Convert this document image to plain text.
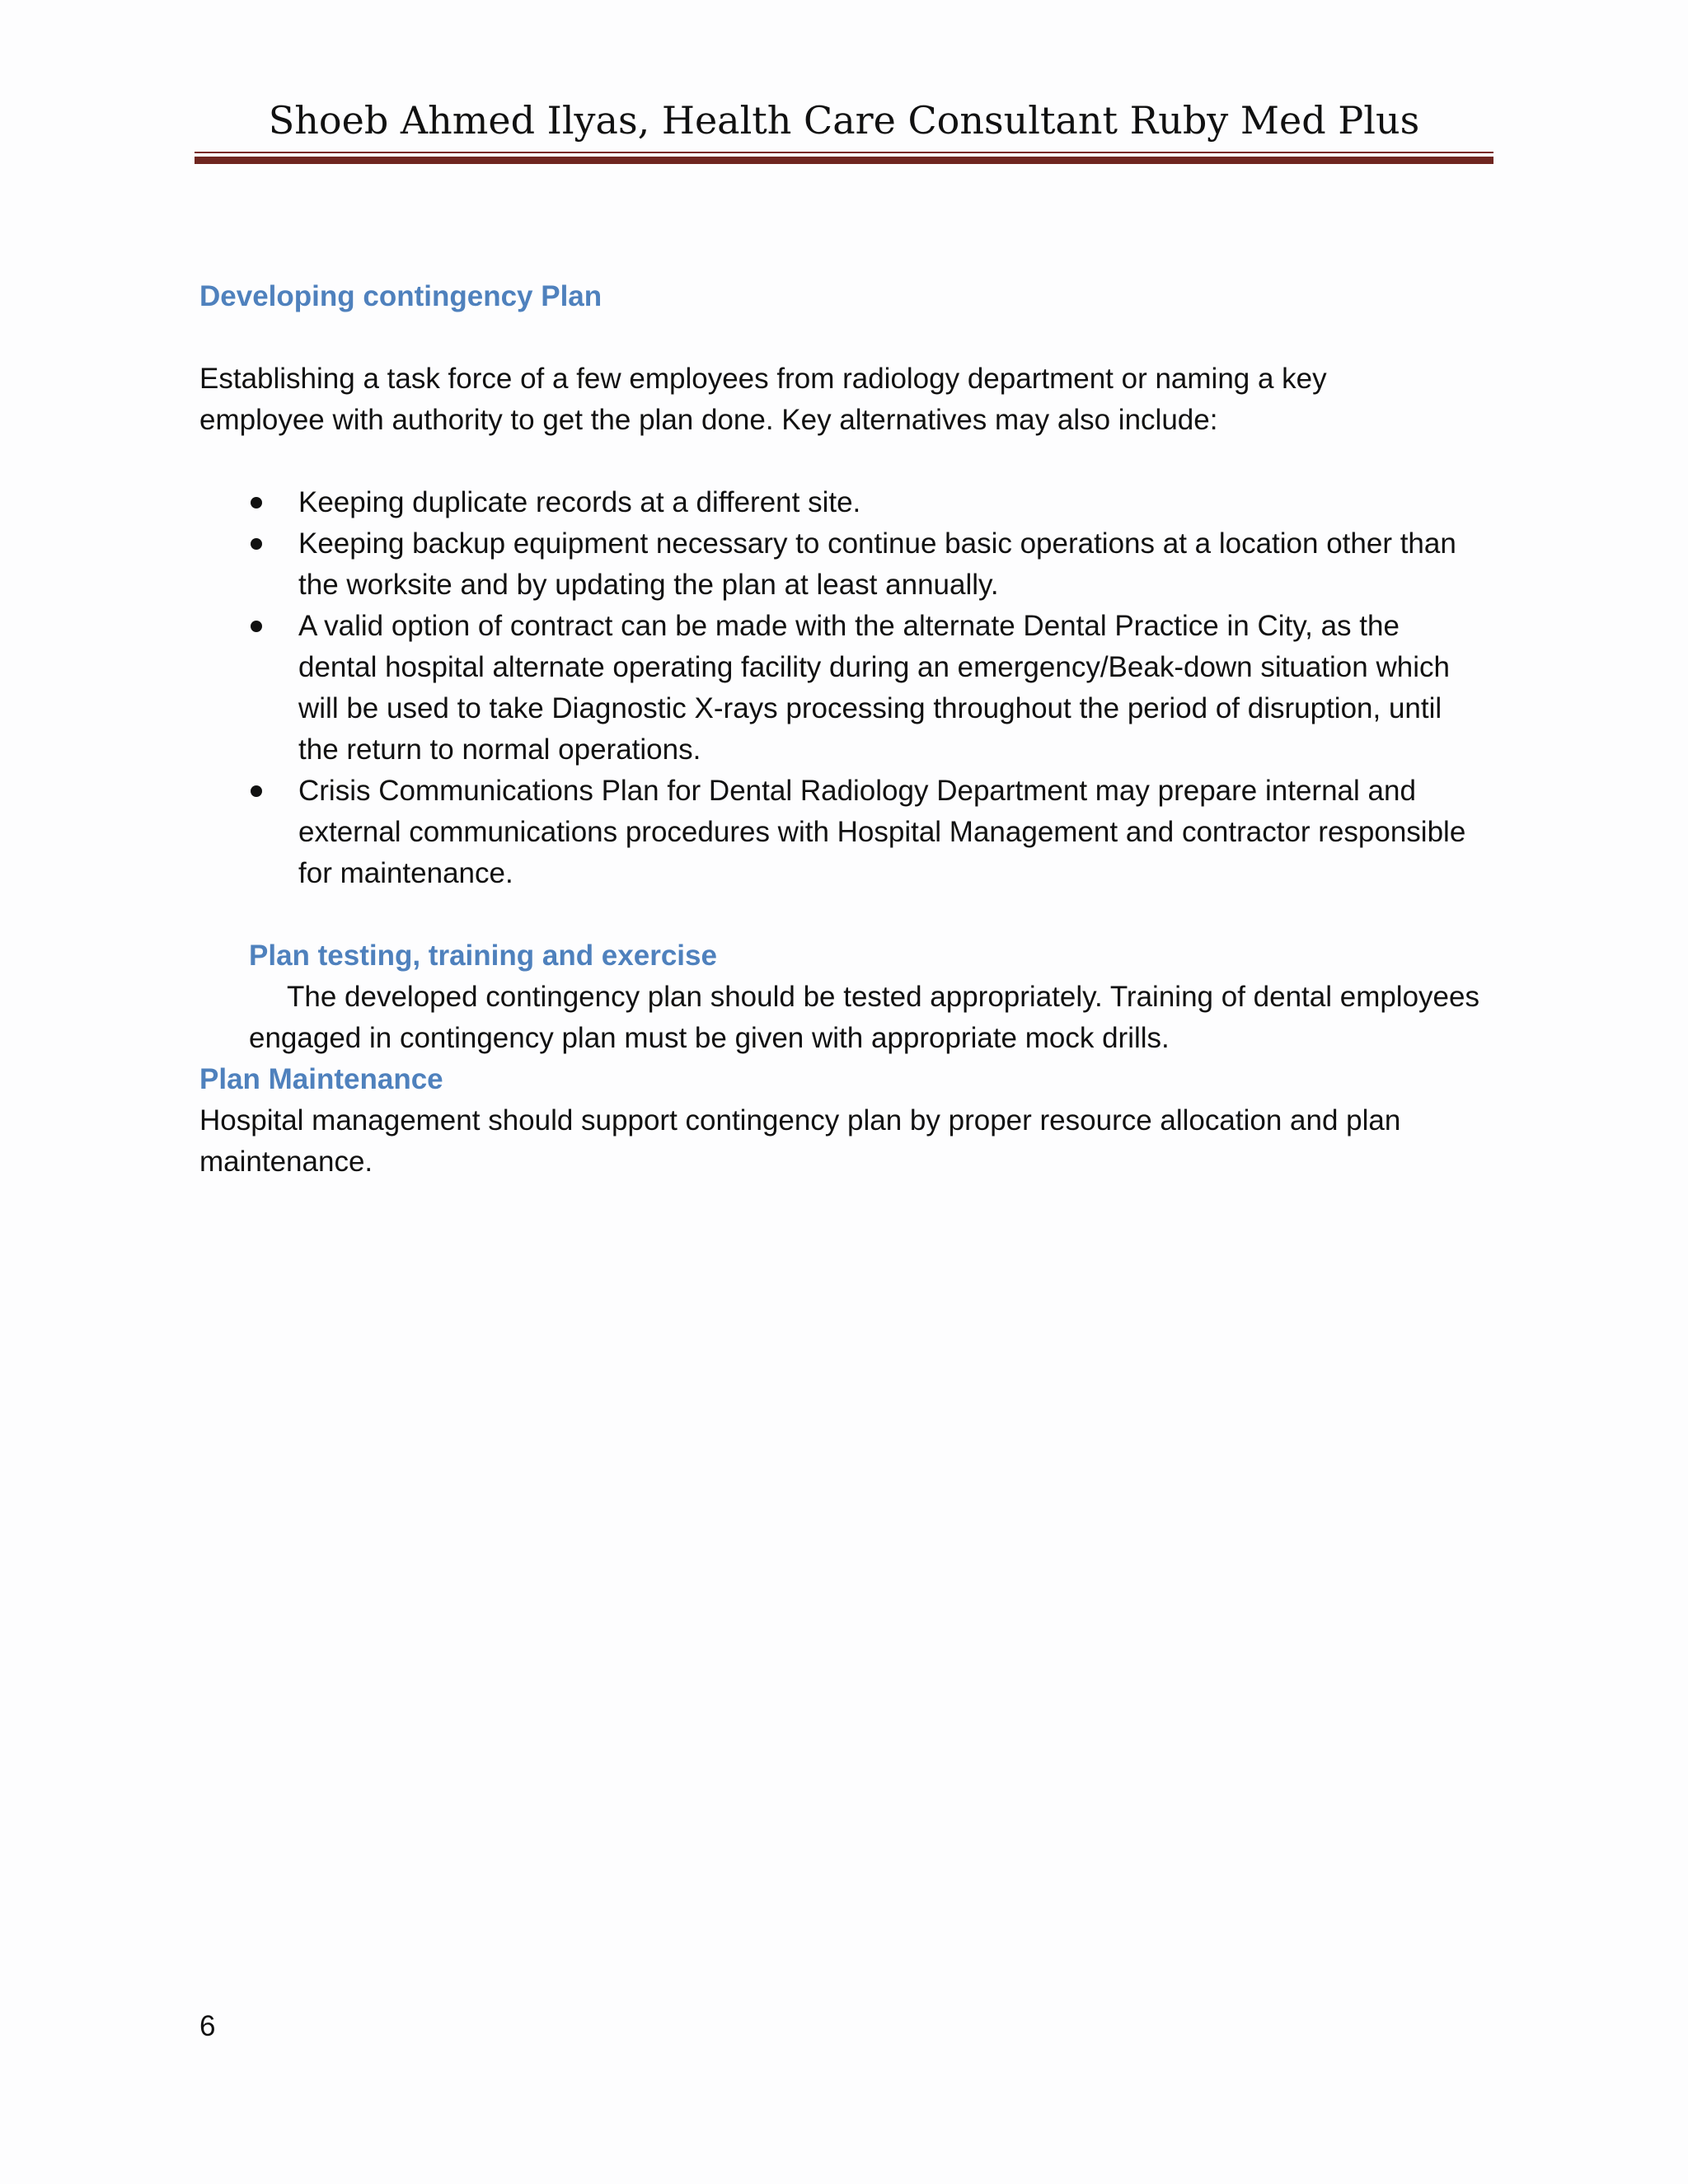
Shoeb Ahmed Ilyas, Health Care Consultant Ruby Med Plus

Developing contingency Plan

Establishing a task force of a few employees from radiology department or naming a key employee with authority to get the plan done. Key alternatives may also include:

Keeping duplicate records at a different site.
Keeping backup equipment necessary to continue basic operations at a location other than the worksite and by updating the plan at least annually.
A valid option of contract can be made with the alternate Dental Practice in City, as the dental hospital alternate operating facility during an emergency/Beak-down situation which will be used to take Diagnostic X-rays processing throughout the period of disruption, until the return to normal operations.
Crisis Communications Plan for Dental Radiology Department may prepare internal and external communications procedures with Hospital Management and contractor responsible for maintenance.

Plan testing, training and exercise

The developed contingency plan should be tested appropriately. Training of dental employees engaged in contingency plan must be given with appropriate mock drills.

Plan Maintenance

Hospital management should support contingency plan by proper resource allocation and plan maintenance.

6
